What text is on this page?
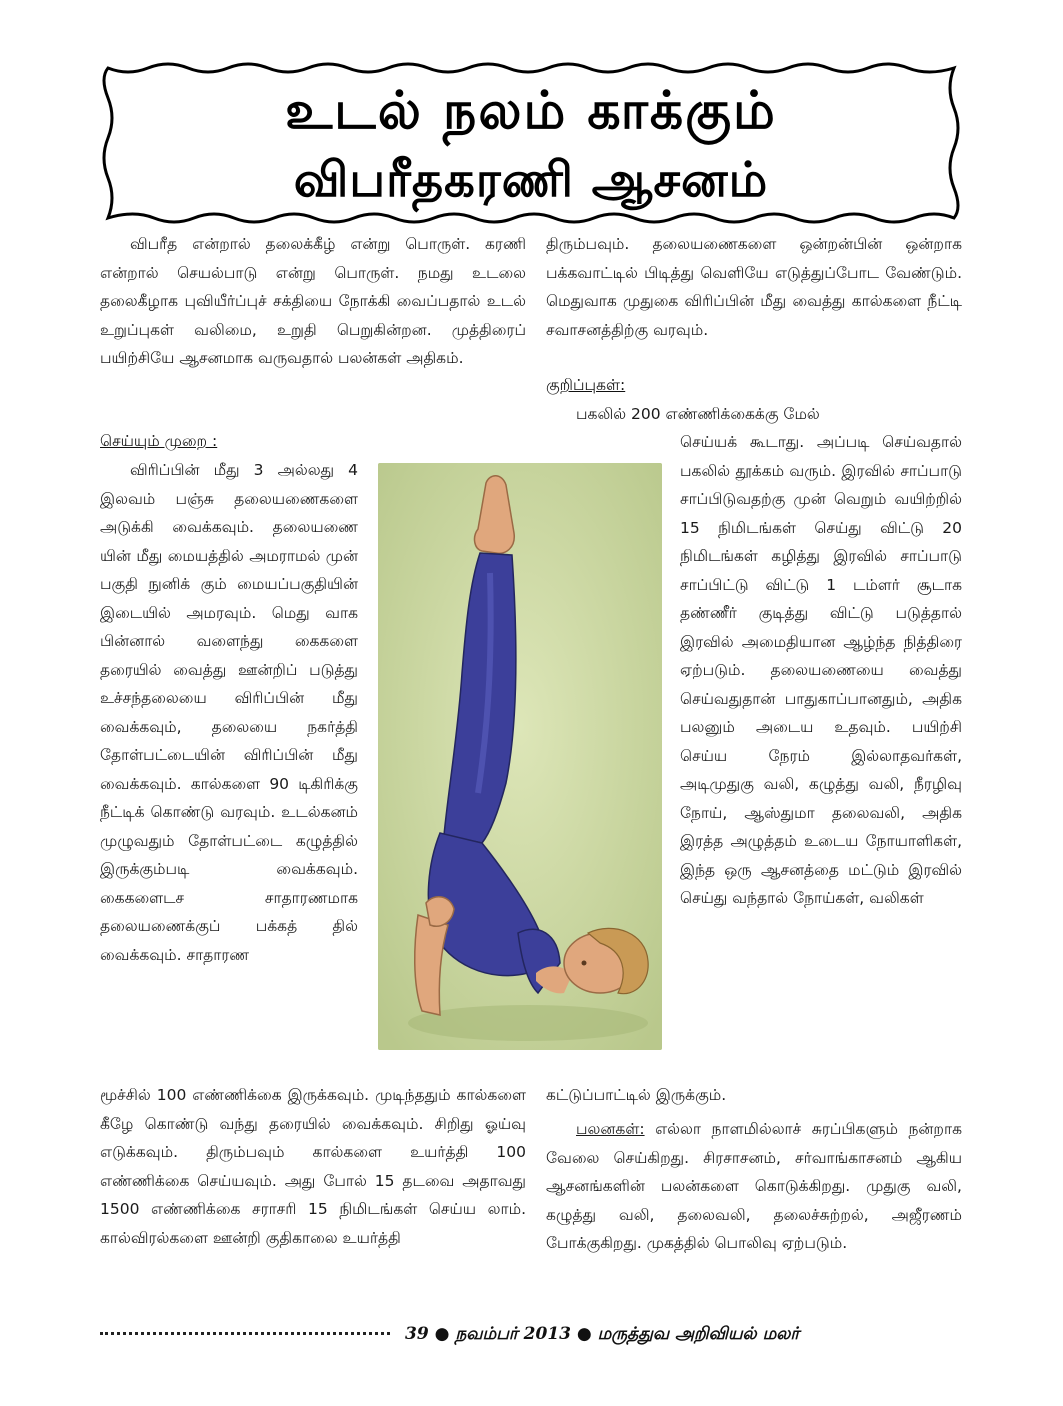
உடல் நலம் காக்கும்
விபரீதகரணி ஆசனம்

விபரீத என்றால் தலைக்கீழ் என்று பொருள். கரணி என்றால் செயல்பாடு என்று பொருள். நமது உடலை தலைகீழாக புவியீர்ப்புச் சக்தியை நோக்கி வைப்பதால் உடல் உறுப்புகள் வலிமை, உறுதி பெறுகின்றன. முத்திரைப் பயிற்சியே ஆசனமாக வருவதால் பலன்கள் அதிகம்.

செய்யும் முறை :

விரிப்பின் மீது 3 அல்லது 4 இலவம் பஞ்சு தலையணைகளை அடுக்கி வைக்கவும். தலையணை யின் மீது மையத்தில் அமராமல் முன் பகுதி நுனிக் கும் மையப்பகுதியின் இடையில் அமரவும். மெது வாக பின்னால் வளைந்து கைகளை தரையில் வைத்து ஊன்றிப் படுத்து உச்சந்தலையை விரிப்பின் மீது வைக்கவும், தலையை நகர்த்தி தோள்பட்டையின் விரிப்பின் மீது வைக்கவும். கால்களை 90 டிகிரிக்கு நீட்டிக் கொண்டு வரவும். உடல்கனம் முழுவதும் தோள்பட்டை கழுத்தில் இருக்கும்படி வைக்கவும். கைகளைடச சாதாரணமாக தலையணைக்குப் பக்கத் தில் வைக்கவும். சாதாரண

மூச்சில் 100 எண்ணிக்கை இருக்கவும். முடிந்ததும் கால்களை கீழே கொண்டு வந்து தரையில் வைக்கவும். சிறிது ஓய்வு எடுக்கவும். திரும்பவும் கால்களை உயர்த்தி 100 எண்ணிக்கை செய்யவும். அது போல் 15 தடவை அதாவது 1500 எண்ணிக்கை சராசரி 15 நிமிடங்கள் செய்ய லாம். கால்விரல்களை ஊன்றி குதிகாலை உயர்த்தி

திரும்பவும். தலையணைகளை ஒன்றன்பின் ஒன்றாக பக்கவாட்டில் பிடித்து வெளியே எடுத்துப்போட வேண்டும். மெதுவாக முதுகை விரிப்பின் மீது வைத்து கால்களை நீட்டி சவாசனத்திற்கு வரவும்.

குறிப்புகள்:

பகலில் 200 எண்ணிக்கைக்கு மேல்

செய்யக் கூடாது. அப்படி செய்வதால் பகலில் தூக்கம் வரும். இரவில் சாப்பாடு சாப்பிடுவதற்கு முன் வெறும் வயிற்றில் 15 நிமிடங்கள் செய்து விட்டு 20 நிமிடங்கள் கழித்து இரவில் சாப்பாடு சாப்பிட்டு விட்டு 1 டம்ளர் சூடாக தண்ணீர் குடித்து விட்டு படுத்தால் இரவில் அமைதியான ஆழ்ந்த நித்திரை ஏற்படும். தலையணையை வைத்து செய்வதுதான் பாதுகாப்பானதும், அதிக பலனும் அடைய உதவும். பயிற்சி செய்ய நேரம் இல்லாதவர்கள், அடிமுதுகு வலி, கழுத்து வலி, நீரழிவு நோய், ஆஸ்துமா தலைவலி, அதிக இரத்த அழுத்தம் உடைய நோயாளிகள், இந்த ஒரு ஆசனத்தை மட்டும் இரவில் செய்து வந்தால் நோய்கள், வலிகள்

கட்டுப்பாட்டில் இருக்கும்.

பலனகள்: எல்லா நாளமில்லாச் சுரப்பிகளும் நன்றாக வேலை செய்கிறது. சிரசாசனம், சர்வாங்காசனம் ஆகிய ஆசனங்களின் பலன்களை கொடுக்கிறது. முதுகு வலி, கழுத்து வலி, தலைவலி, தலைச்சுற்றல், அஜீரணம் போக்குகிறது. முகத்தில் பொலிவு ஏற்படும்.

39 ● நவம்பர் 2013 ● மருத்துவ அறிவியல் மலர்
